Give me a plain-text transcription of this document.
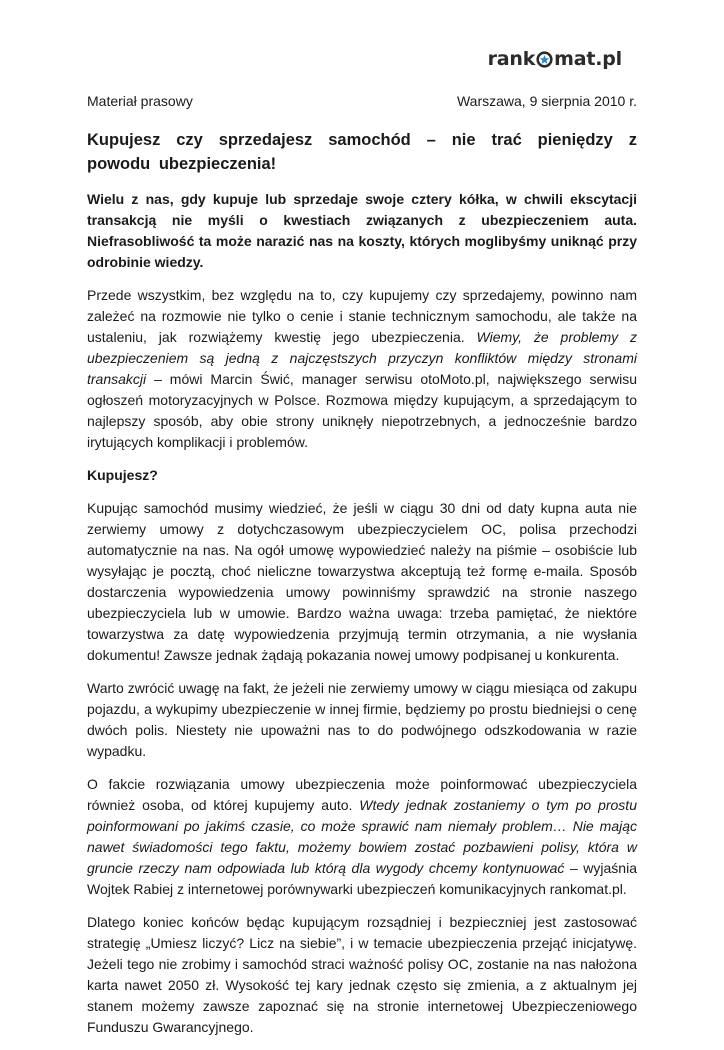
rank mat.pl
Materiał prasowy	Warszawa, 9 sierpnia 2010 r.
Kupujesz czy sprzedajesz samochód – nie trać pieniędzy z powodu ubezpieczenia!

Wielu z nas, gdy kupuje lub sprzedaje swoje cztery kółka, w chwili ekscytacji transakcją nie myśli o kwestiach związanych z ubezpieczeniem auta. Niefrasobliwość ta może narazić nas na koszty, których moglibyśmy uniknąć przy odrobinie wiedzy.

Przede wszystkim, bez względu na to, czy kupujemy czy sprzedajemy, powinno nam zależeć na rozmowie nie tylko o cenie i stanie technicznym samochodu, ale także na ustaleniu, jak rozwiążemy kwestię jego ubezpieczenia. Wiemy, że problemy z ubezpieczeniem są jedną z najczęstszych przyczyn konfliktów między stronami transakcji – mówi Marcin Świć, manager serwisu otoMoto.pl, największego serwisu ogłoszeń motoryzacyjnych w Polsce. Rozmowa między kupującym, a sprzedającym to najlepszy sposób, aby obie strony uniknęły niepotrzebnych, a jednocześnie bardzo irytujących komplikacji i problemów.

Kupujesz?

Kupując samochód musimy wiedzieć, że jeśli w ciągu 30 dni od daty kupna auta nie zerwiemy umowy z dotychczasowym ubezpieczycielem OC, polisa przechodzi automatycznie na nas. Na ogół umowę wypowiedzieć należy na piśmie – osobiście lub wysyłając je pocztą, choć nieliczne towarzystwa akceptują też formę e-maila. Sposób dostarczenia wypowiedzenia umowy powinniśmy sprawdzić na stronie naszego ubezpieczyciela lub w umowie. Bardzo ważna uwaga: trzeba pamiętać, że niektóre towarzystwa za datę wypowiedzenia przyjmują termin otrzymania, a nie wysłania dokumentu! Zawsze jednak żądają pokazania nowej umowy podpisanej u konkurenta.

Warto zwrócić uwagę na fakt, że jeżeli nie zerwiemy umowy w ciągu miesiąca od zakupu pojazdu, a wykupimy ubezpieczenie w innej firmie, będziemy po prostu biedniejsi o cenę dwóch polis. Niestety nie upoważni nas to do podwójnego odszkodowania w razie wypadku.

O fakcie rozwiązania umowy ubezpieczenia może poinformować ubezpieczyciela również osoba, od której kupujemy auto. Wtedy jednak zostaniemy o tym po prostu poinformowani po jakimś czasie, co może sprawić nam niemały problem… Nie mając nawet świadomości tego faktu, możemy bowiem zostać pozbawieni polisy, która w gruncie rzeczy nam odpowiada lub którą dla wygody chcemy kontynuować – wyjaśnia Wojtek Rabiej z internetowej porównywarki ubezpieczeń komunikacyjnych rankomat.pl.

Dlatego koniec końców będąc kupującym rozsądniej i bezpieczniej jest zastosować strategię „Umiesz liczyć? Licz na siebie”, i w temacie ubezpieczenia przejąć inicjatywę. Jeżeli tego nie zrobimy i samochód straci ważność polisy OC, zostanie na nas nałożona karta nawet 2050 zł. Wysokość tej kary jednak często się zmienia, a z aktualnym jej stanem możemy zawsze zapoznać się na stronie internetowej Ubezpieczeniowego Funduszu Gwarancyjnego.
